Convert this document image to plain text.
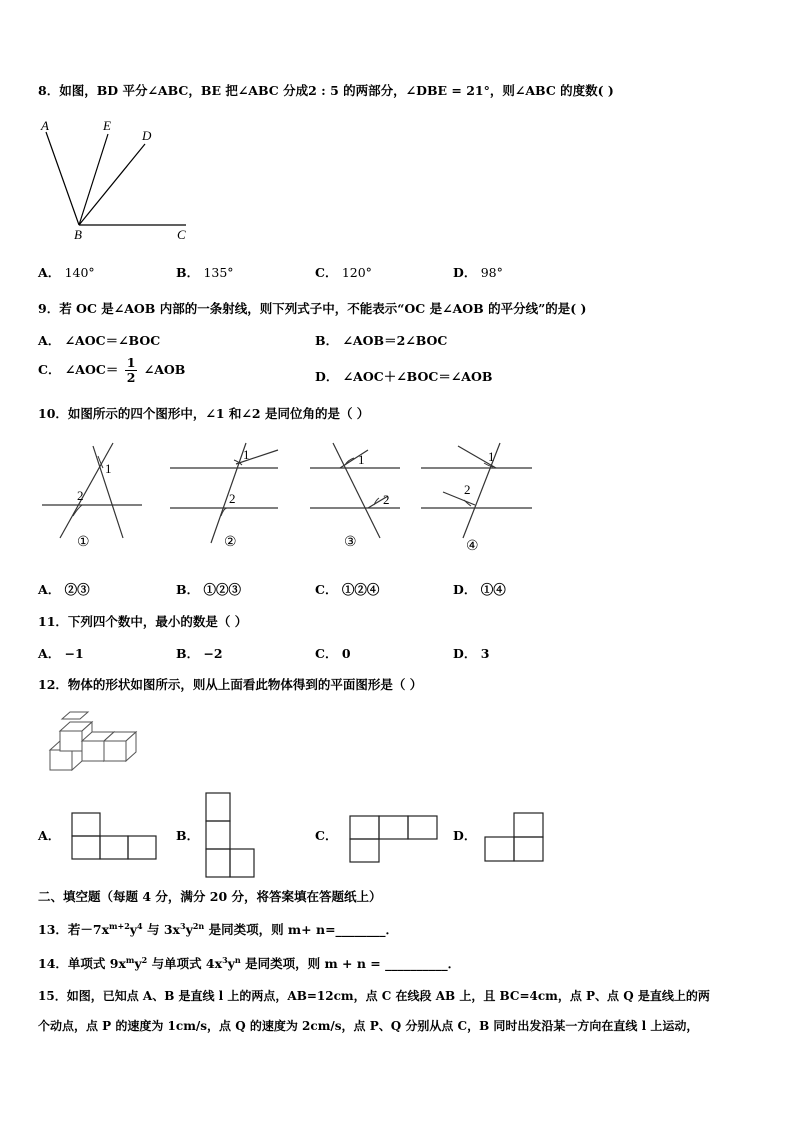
8．如图，BD 平分∠ABC，BE 把∠ABC 分成2 : 5 的两部分，∠DBE = 21°，则∠ABC 的度数( )
A	E
D
B	C
A． 140°	B． 135°	C． 120°	D． 98°
9．若 OC 是∠AOB 内部的一条射线，则下列式子中，不能表示“OC 是∠AOB 的平分线”的是( )
A． ∠AOC＝∠BOC	B． ∠AOB＝2∠BOC
C． ∠AOC＝ $\frac{1}{2}$ ∠AOB	D． ∠AOC＋∠BOC＝∠AOB
10．如图所示的四个图形中，∠1 和∠2 是同位角的是（ ）
1
2
①
1
2
②
1
2
③
1
2
④
A． ②③	B． ①②③	C． ①②④	D． ①④
11．下列四个数中，最小的数是（ ）
A． −1	B． −2	C． 0	D． 3
12．物体的形状如图所示，则从上面看此物体得到的平面图形是（ ）
A．	B．	C．	D．
二、填空题（每题 4 分，满分 20 分，将答案填在答题纸上）
13．若$-7x^{m+2}y^4$ 与 $3x^3y^{2n}$ 是同类项，则 m+ n=________．
14．单项式 $9x^my^2$ 与单项式 $4x^3y^n$ 是同类项，则 m + n = __________．
15．如图，已知点 A、B 是直线 l 上的两点，AB=12cm，点 C 在线段 AB 上，且 BC=4cm，点 P、点 Q 是直线上的两
个动点，点 P 的速度为 1cm/s，点 Q 的速度为 2cm/s，点 P、Q 分别从点 C，B 同时出发沿某一方向在直线 l 上运动，
